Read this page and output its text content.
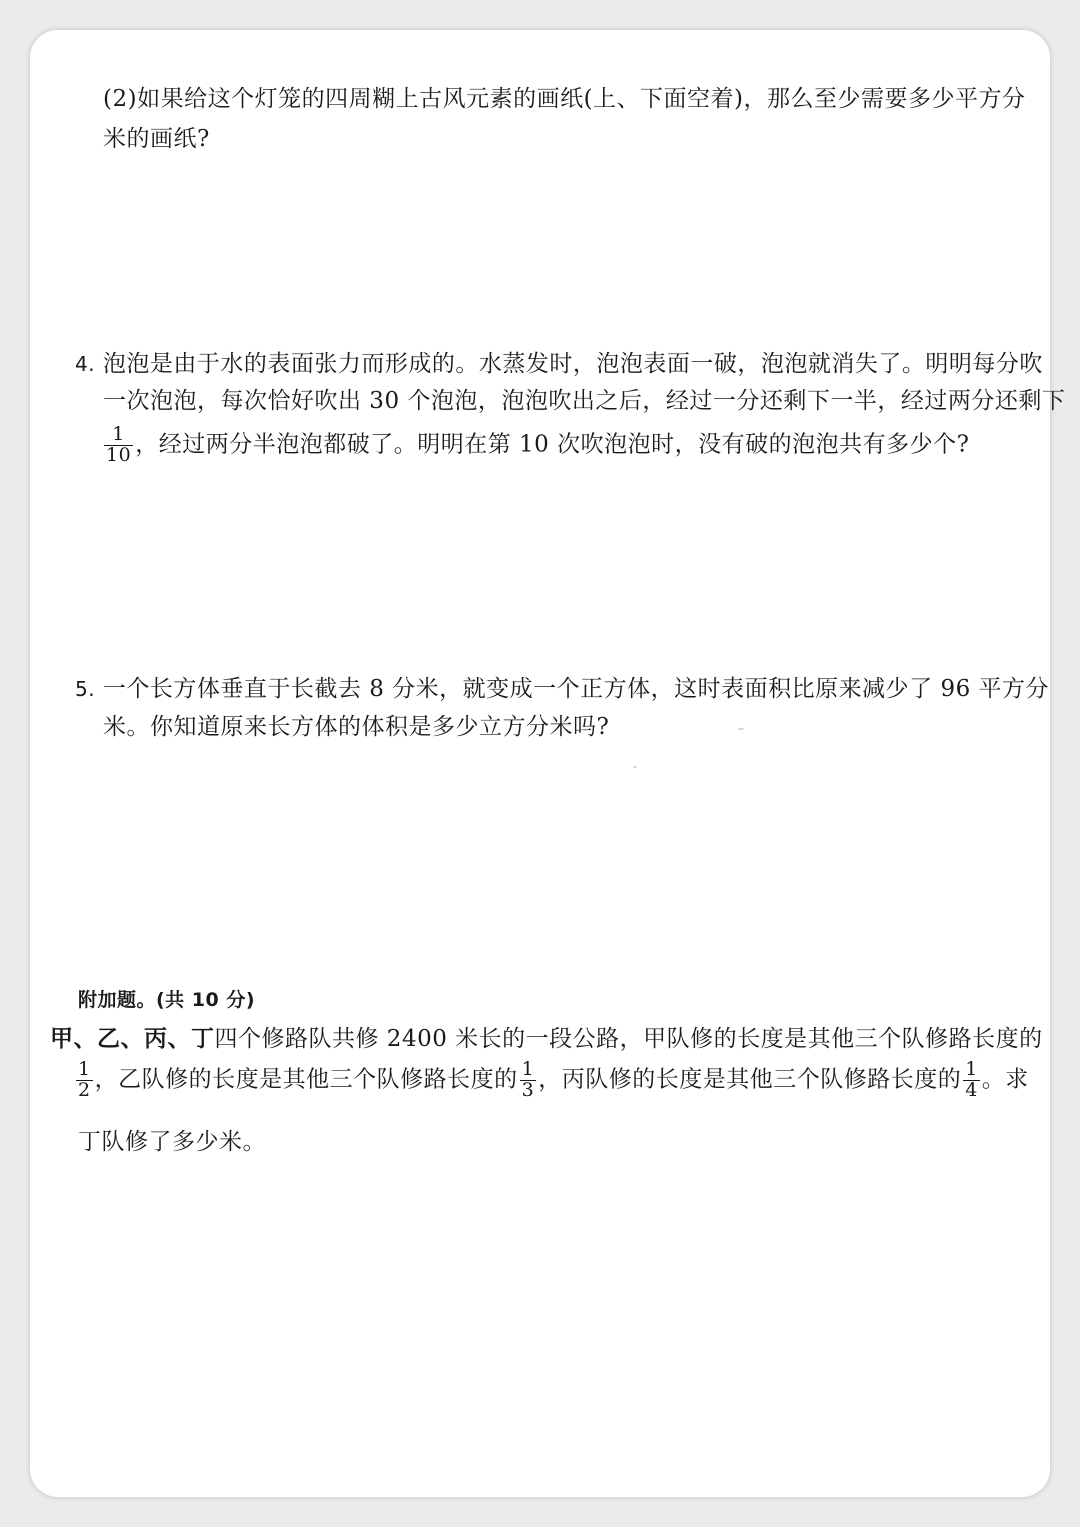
(2)如果给这个灯笼的四周糊上古风元素的画纸(上、下面空着)，那么至少需要多少平方分
米的画纸?
4. 泡泡是由于水的表面张力而形成的。水蒸发时，泡泡表面一破，泡泡就消失了。明明每分吹
一次泡泡，每次恰好吹出 30 个泡泡，泡泡吹出之后，经过一分还剩下一半，经过两分还剩下
$\frac{1}{10}$ ，经过两分半泡泡都破了。明明在第 10 次吹泡泡时，没有破的泡泡共有多少个?
5. 一个长方体垂直于长截去 8 分米，就变成一个正方体，这时表面积比原来减少了 96 平方分
米。你知道原来长方体的体积是多少立方分米吗?
附加题。(共 10 分)
甲、乙、丙、丁四个修路队共修 2400 米长的一段公路，甲队修的长度是其他三个队修路长度的
$\frac{1}{2}$ ，乙队修的长度是其他三个队修路长度的 $\frac{1}{3}$ ，丙队修的长度是其他三个队修路长度的 $\frac{1}{4}$ 。求
丁队修了多少米。
